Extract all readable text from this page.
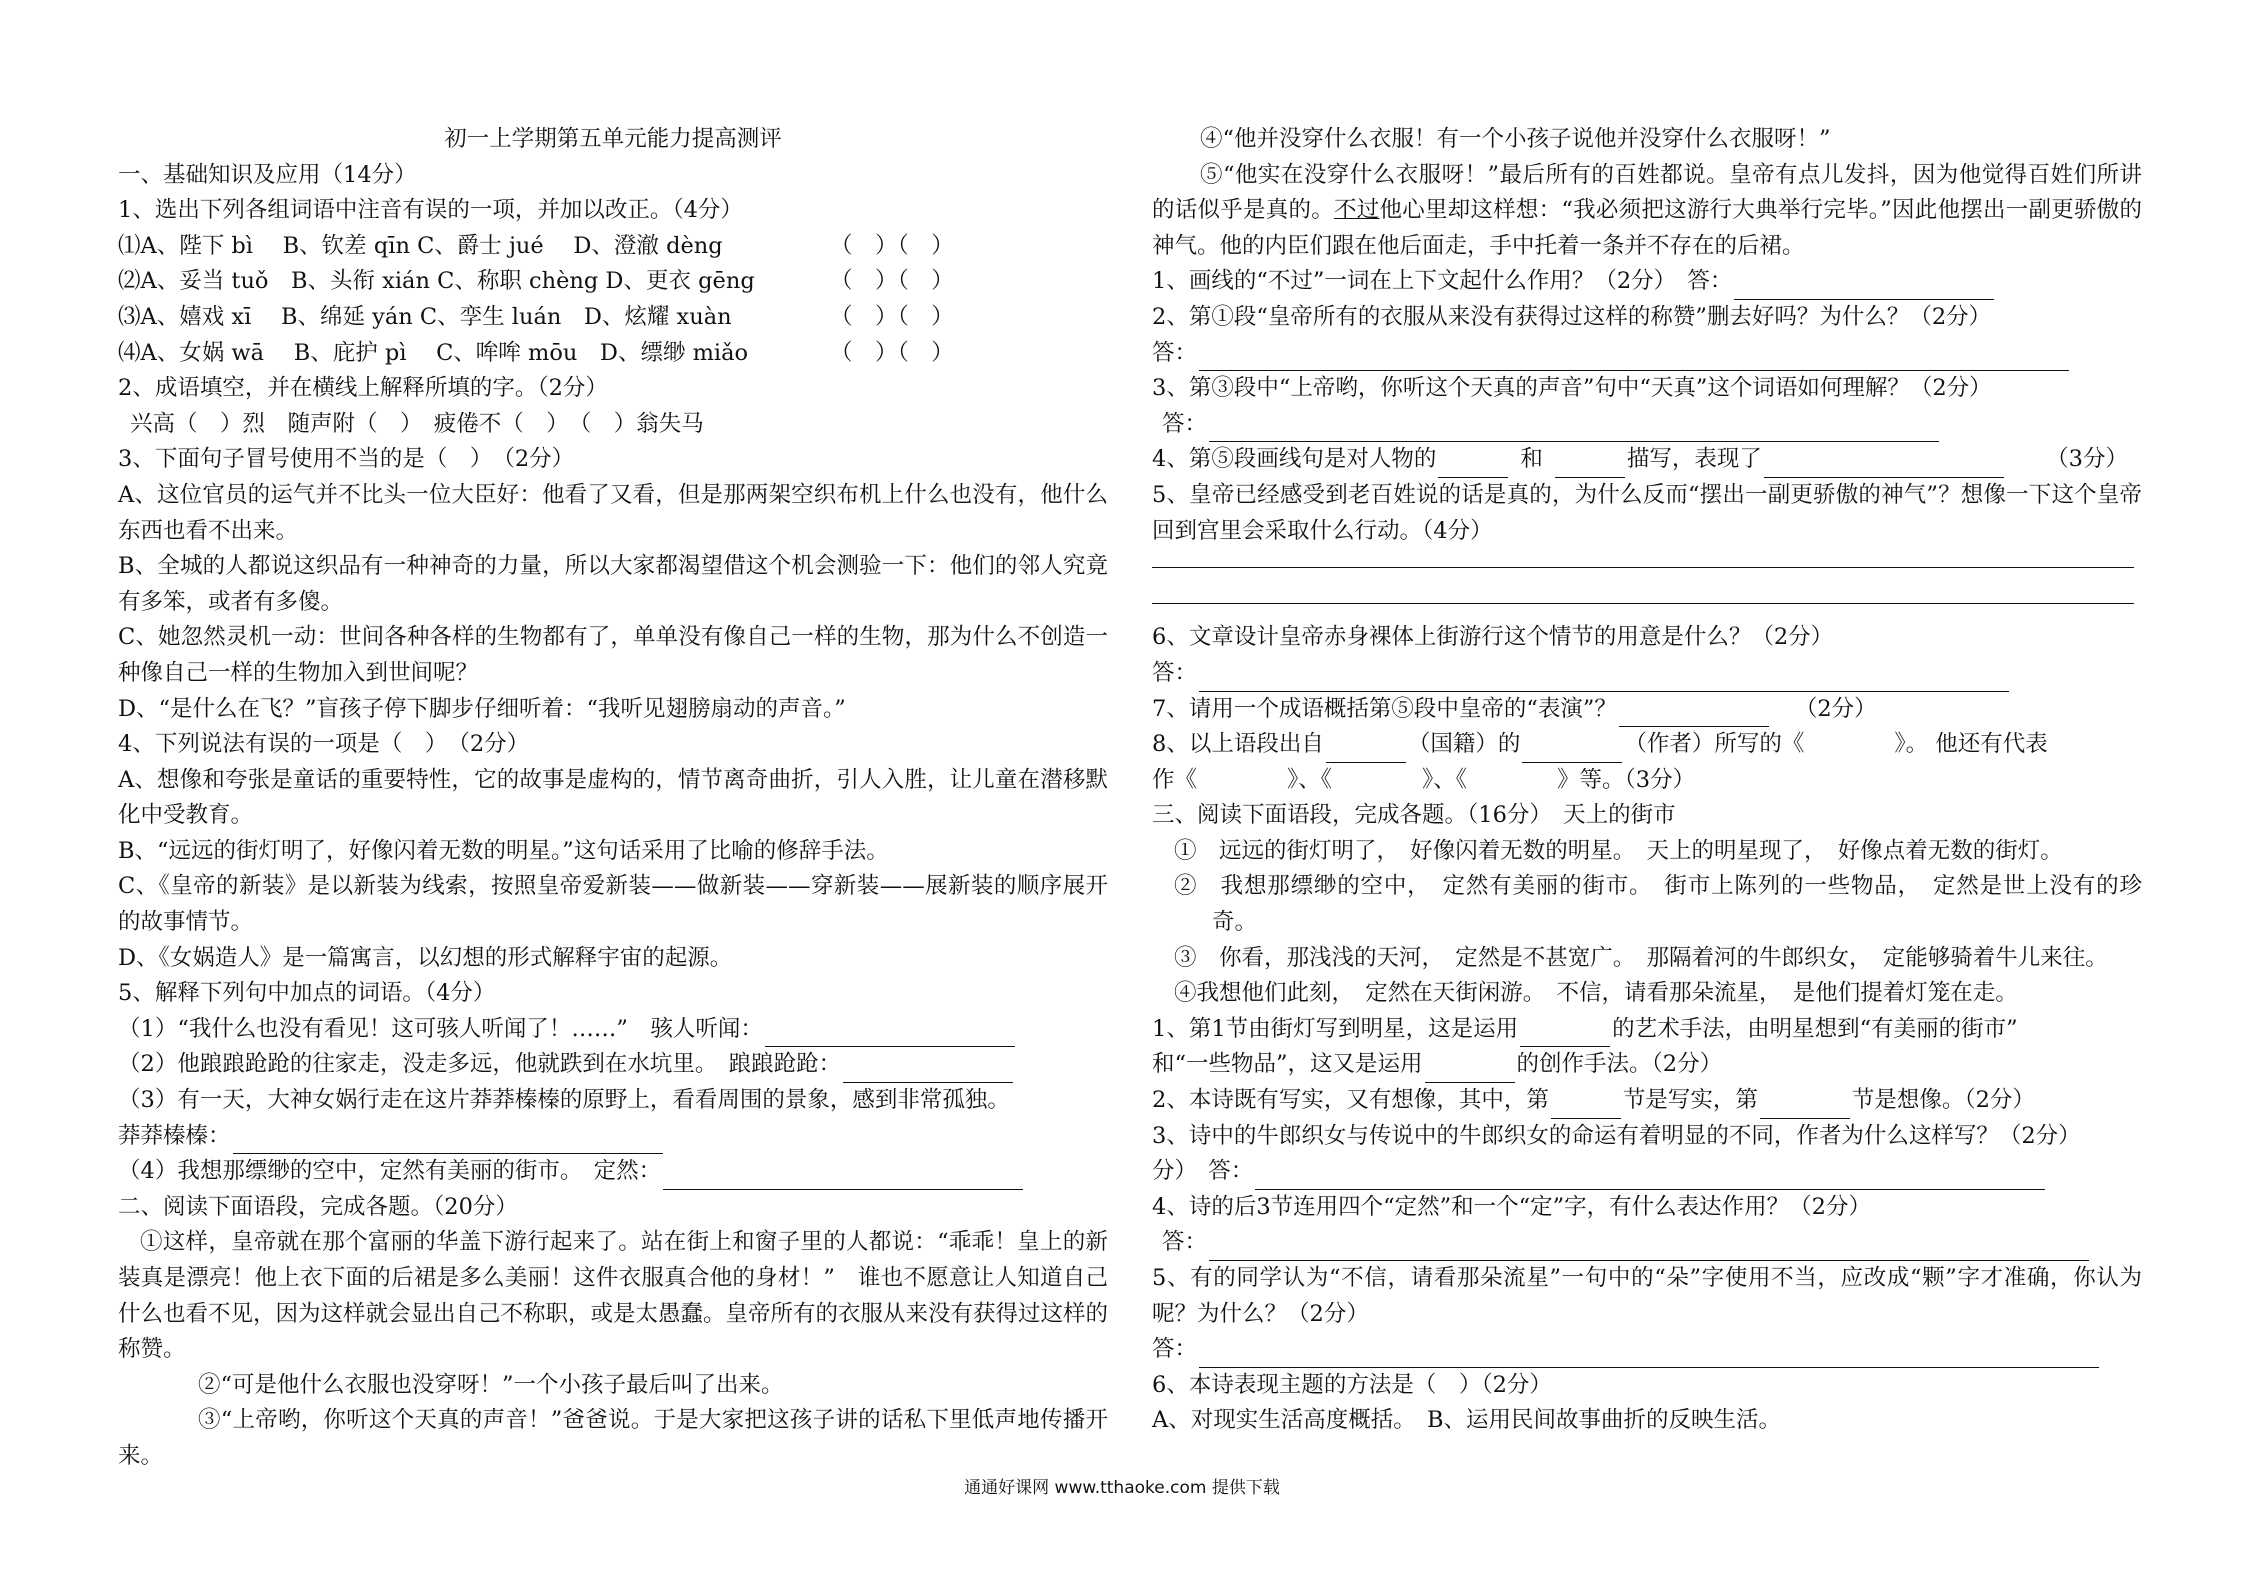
初一上学期第五单元能力提高测评
一、基础知识及应用（14分）
1、选出下列各组词语中注音有误的一项，并加以改正。（4分）
⑴A、陛下 bì　 B、钦差 qīn C、爵士 jué　 D、澄澈 dèng	（　）（　）
⑵A、妥当 tuǒ　B、头衔 xián C、称职 chèng D、更衣 gēng	（　）（　）
⑶A、嬉戏 xī　 B、绵延 yán C、孪生 luán　D、炫耀 xuàn	（　）（　）
⑷A、女娲 wā　 B、庇护 pì　 C、哞哞 mōu　D、缥缈 miǎo	（　）（　）
2、成语填空，并在横线上解释所填的字。（2分）
兴高（　）烈　随声附（　）　疲倦不（　）　（　）翁失马
3、下面句子冒号使用不当的是（　）　（2分）
A、这位官员的运气并不比头一位大臣好：他看了又看，但是那两架空织布机上什么也没有，他什么东西也看不出来。
B、全城的人都说这织品有一种神奇的力量，所以大家都渴望借这个机会测验一下：他们的邻人究竟有多笨，或者有多傻。
C、她忽然灵机一动：世间各种各样的生物都有了，单单没有像自己一样的生物，那为什么不创造一种像自己一样的生物加入到世间呢？
D、“是什么在飞？”盲孩子停下脚步仔细听着：“我听见翅膀扇动的声音。”
4、下列说法有误的一项是（　）　（2分）
A、想像和夸张是童话的重要特性，它的故事是虚构的，情节离奇曲折，引人入胜，让儿童在潜移默化中受教育。
B、“远远的街灯明了，好像闪着无数的明星。”这句话采用了比喻的修辞手法。
C、《皇帝的新装》是以新装为线索，按照皇帝爱新装——做新装——穿新装——展新装的顺序展开的故事情节。
D、《女娲造人》是一篇寓言，以幻想的形式解释宇宙的起源。
5、解释下列句中加点的词语。（4分）
（1）“我什么也没有看见！这可骇人听闻了！……”　骇人听闻：
（2）他踉踉跄跄的往家走，没走多远，他就跌到在水坑里。　踉踉跄跄：
（3）有一天，大神女娲行走在这片莽莽榛榛的原野上，看看周围的景象，感到非常孤独。
莽莽榛榛：
（4）我想那缥缈的空中，定然有美丽的街市。　定然：
二、阅读下面语段，完成各题。（20分）
①这样，皇帝就在那个富丽的华盖下游行起来了。站在街上和窗子里的人都说：“乖乖！皇上的新装真是漂亮！他上衣下面的后裙是多么美丽！这件衣服真合他的身材！”　谁也不愿意让人知道自己什么也看不见，因为这样就会显出自己不称职，或是太愚蠢。皇帝所有的衣服从来没有获得过这样的称赞。
②“可是他什么衣服也没穿呀！”一个小孩子最后叫了出来。
③“上帝哟，你听这个天真的声音！”爸爸说。于是大家把这孩子讲的话私下里低声地传播开来。
④“他并没穿什么衣服！有一个小孩子说他并没穿什么衣服呀！”
⑤“他实在没穿什么衣服呀！”最后所有的百姓都说。皇帝有点儿发抖，因为他觉得百姓们所讲的话似乎是真的。不过他心里却这样想：“我必须把这游行大典举行完毕。”因此他摆出一副更骄傲的神气。他的内臣们跟在他后面走，手中托着一条并不存在的后裙。
1、画线的“不过”一词在上下文起什么作用？（2分）　答：
2、第①段“皇帝所有的衣服从来没有获得过这样的称赞”删去好吗？为什么？（2分）
答：
3、第③段中“上帝哟，你听这个天真的声音”句中“天真”这个词语如何理解？（2分）
答：
4、第⑤段画线句是对人物的	和	描写，表现了	（3分）
5、皇帝已经感受到老百姓说的话是真的，为什么反而“摆出一副更骄傲的神气”？想像一下这个皇帝回到宫里会采取什么行动。（4分）
6、文章设计皇帝赤身裸体上街游行这个情节的用意是什么？（2分）
答：
7、请用一个成语概括第⑤段中皇帝的“表演”？	（2分）
8、以上语段出自	（国籍）的	（作者）所写的《　　　　》。 他还有代表
作《　　　　》、《　　　　》、《　　　　》等。（3分）
三、阅读下面语段，完成各题。（16分）　天上的街市
①　远远的街灯明了，　好像闪着无数的明星。　天上的明星现了，　好像点着无数的街灯。
②　我想那缥缈的空中，　定然有美丽的街市。　街市上陈列的一些物品，　定然是世上没有的珍奇。
③　你看，那浅浅的天河，　定然是不甚宽广。　那隔着河的牛郎织女，　定能够骑着牛儿来往。
④我想他们此刻，　定然在天街闲游。　不信，请看那朵流星，　是他们提着灯笼在走。
1、第1节由街灯写到明星，这是运用	的艺术手法，由明星想到“有美丽的街市”
和“一些物品”，这又是运用	的创作手法。（2分）
2、本诗既有写实，又有想像，其中，第	节是写实，第	节是想像。（2分）
3、诗中的牛郎织女与传说中的牛郎织女的命运有着明显的不同，作者为什么这样写？（2分）
分）　答：
4、诗的后3节连用四个“定然”和一个“定”字，有什么表达作用？（2分）
答：
5、有的同学认为“不信，请看那朵流星”一句中的“朵”字使用不当，应改成“颗”字才准确，你认为呢？为什么？（2分）
答：
6、本诗表现主题的方法是（　）（2分）
A、对现实生活高度概括。　B、运用民间故事曲折的反映生活。
通通好课网 www.tthaoke.com 提供下载
